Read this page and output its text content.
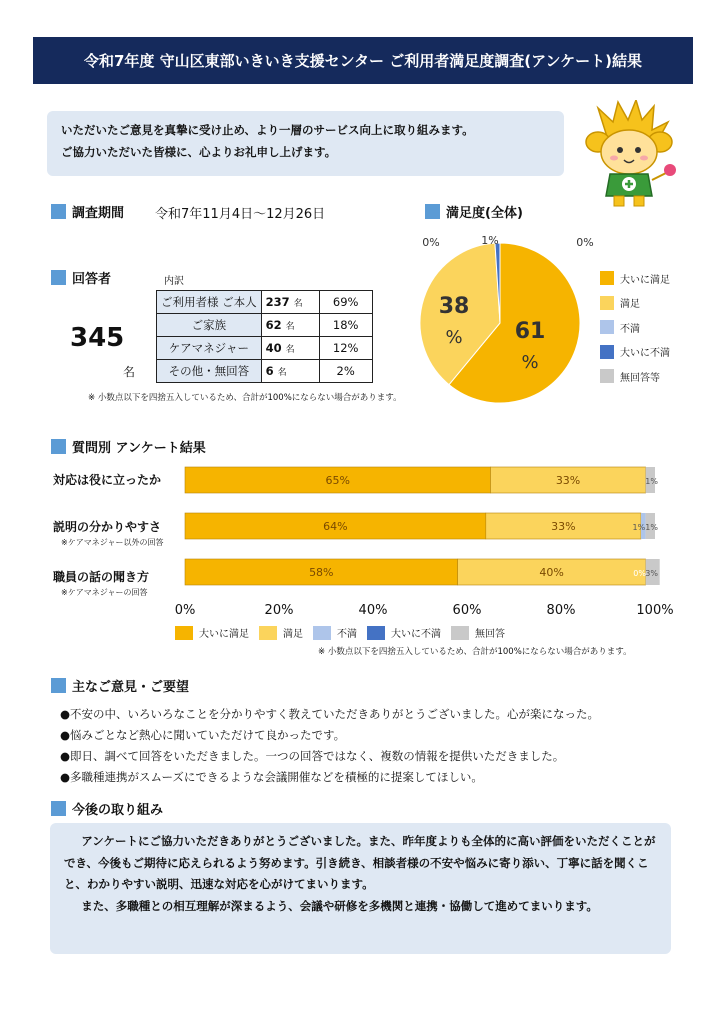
令和7年度 守山区東部いきいき支援センター ご利用者満足度調査(アンケート)結果
いただいたご意見を真摯に受け止め、より一層のサービス向上に取り組みます。
ご協力いただいた皆様に、心よりお礼申し上げます。
調査期間 令和7年11月4日～12月26日
回答者	内訳
345
名
ご利用者様 ご本人	237 名	69%
ご家族	62 名	18%
ケアマネジャー	40 名	12%
その他・無回答	6 名	2%
※ 小数点以下を四捨五入しているため、合計が100%にならない場合があります。
満足度(全体)
61
%
38
%
0%	1%	0%
大いに満足
満足
不満
大いに不満
無回答等
質問別 アンケート結果
対応は役に立ったか
説明の分かりやすさ
※ケアマネジャー以外の回答
職員の話の聞き方
※ケアマネジャーの回答
65%	33%	1%
64%	33%	1% 1%
58%	40%	0% 3%
0%	20%	40%	60%	80%	100%
大いに満足	満足	不満	大いに不満	無回答
※ 小数点以下を四捨五入しているため、合計が100%にならない場合があります。
主なご意見・ご要望
●不安の中、いろいろなことを分かりやすく教えていただきありがとうございました。心が楽になった。
●悩みごとなど熱心に聞いていただけて良かったです。
●即日、調べて回答をいただきました。一つの回答ではなく、複数の情報を提供いただきました。
●多職種連携がスムーズにできるような会議開催などを積極的に提案してほしい。
今後の取り組み

アンケートにご協力いただきありがとうございました。また、昨年度よりも全体的に高い評価をいただくことができ、今後もご期待に応えられるよう努めます。引き続き、相談者様の不安や悩みに寄り添い、丁寧に話を聞くこと、わかりやすい説明、迅速な対応を心がけてまいります。

また、多職種との相互理解が深まるよう、会議や研修を多機関と連携・協働して進めてまいります。
